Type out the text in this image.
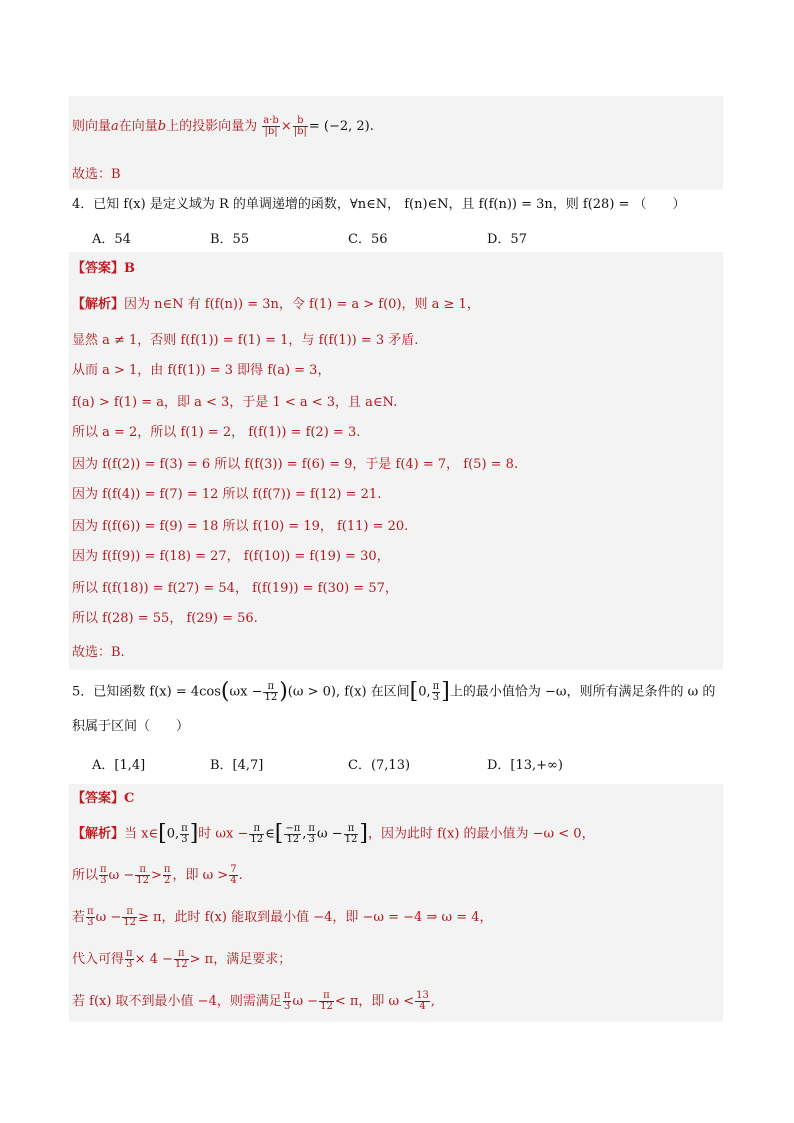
则向量a在向量b上的投影向量为 $\frac{a\cdot b}{|b|} \times \frac{b}{|b|} = (-2$, 2).
故选：B
4．已知 f(x) 是定义域为 R 的单调递增的函数，∀n∈N， f(n)∈N，且 f(f(n)) = 3n，则 f(28) = （　　）
A．54	B．55	C．56	D．57
【答案】B
【解析】因为 n∈N 有 f(f(n)) = 3n，令 f(1) = a > f(0)，则 a ≥ 1，
显然 a ≠ 1，否则 f(f(1)) = f(1) = 1，与 f(f(1)) = 3 矛盾.
从而 a > 1，由 f(f(1)) = 3 即得 f(a) = 3，
f(a) > f(1) = a，即 a < 3，于是 1 < a < 3，且 a∈N.
所以 a = 2，所以 f(1) = 2， f(f(1)) = f(2) = 3.
因为 f(f(2)) = f(3) = 6 所以 f(f(3)) = f(6) = 9，于是 f(4) = 7， f(5) = 8.
因为 f(f(4)) = f(7) = 12 所以 f(f(7)) = f(12) = 21.
因为 f(f(6)) = f(9) = 18 所以 f(10) = 19， f(11) = 20.
因为 f(f(9)) = f(18) = 27， f(f(10)) = f(19) = 30，
所以 f(f(18)) = f(27) = 54， f(f(19)) = f(30) = 57，
所以 f(28) = 55， f(29) = 56.
故选：B.
5．已知函数 $f(x) = 4\cos(\omega x - \frac{\pi}{12} )(\omega > 0)$, f(x) 在区间[0, $\frac{\pi}{3}$ ]上的最小值恰为 −ω，则所有满足条件的 ω 的
积属于区间（　　）
A．[1,4]	B．[4,7]	C．(7,13)	D．[13,+∞)
【答案】C
【解析】当 x∈[0, $\frac{\pi}{3}$ ]时 $\omega x - \frac{\pi}{12}$ ∈[ $\frac{-\pi}{12}$ , $\frac{\pi}{3}$ $\omega - \frac{\pi}{12}$ ]，因为此时 f(x) 的最小值为 −ω < 0，
所以 $\frac{\pi}{3}$ $\omega - \frac{\pi}{12} > \frac{\pi}{2}$ ，即 $\omega > \frac{7}{4}$ .
若 $\frac{\pi}{3}$ $\omega - \frac{\pi}{12} \ge \pi$，此时 f(x) 能取到最小值 −4，即 −ω = −4 ⇒ ω = 4，
代入可得 $\frac{\pi}{3} \times 4 - \frac{\pi}{12} > \pi$，满足要求；
若 f(x) 取不到最小值 −4，则需满足 $\frac{\pi}{3}$ $\omega - \frac{\pi}{12} < \pi$，即 $\omega < \frac{13}{4}$ ,
